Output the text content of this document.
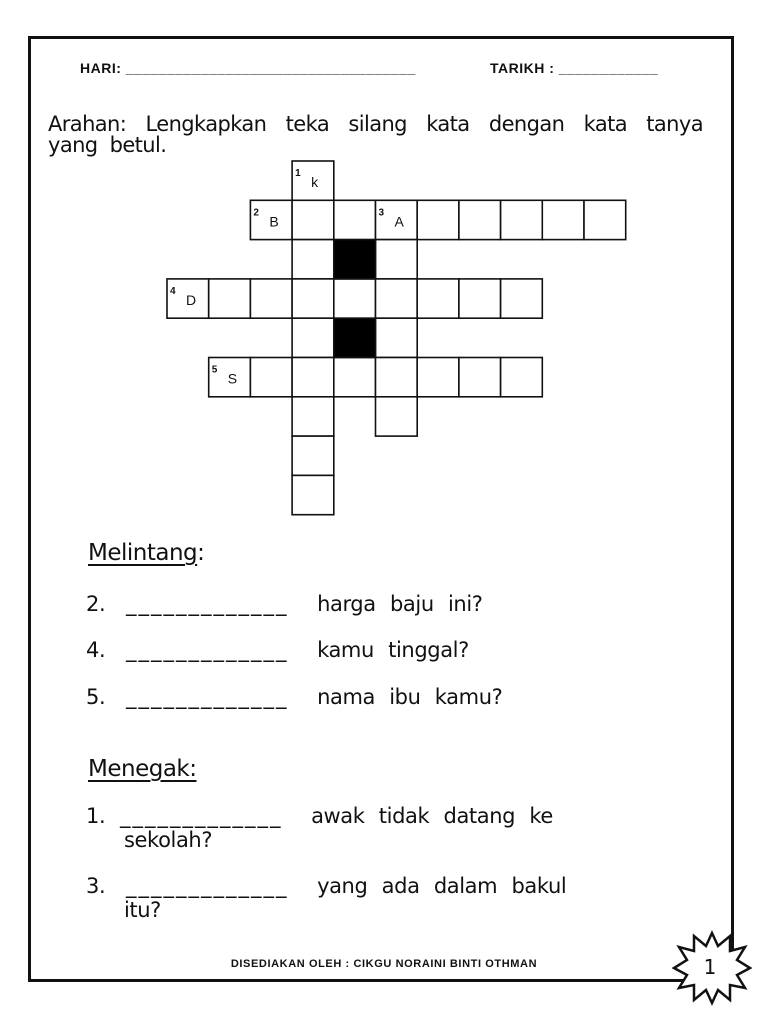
HARI: ___________________________________	TARIKH : ____________
Arahan: Lengkapkan teka silang kata dengan kata tanya yang betul.
1
k
2
B
3
A
4
D
5
S
Melintang:
2. _____________ harga baju ini?
4. _____________ kamu tinggal?
5. _____________ nama ibu kamu?
Menegak:
1. _____________ awak tidak datang ke
sekolah?
3. _____________ yang ada dalam bakul
itu?
DISEDIAKAN OLEH : CIKGU NORAINI BINTI OTHMAN	1
